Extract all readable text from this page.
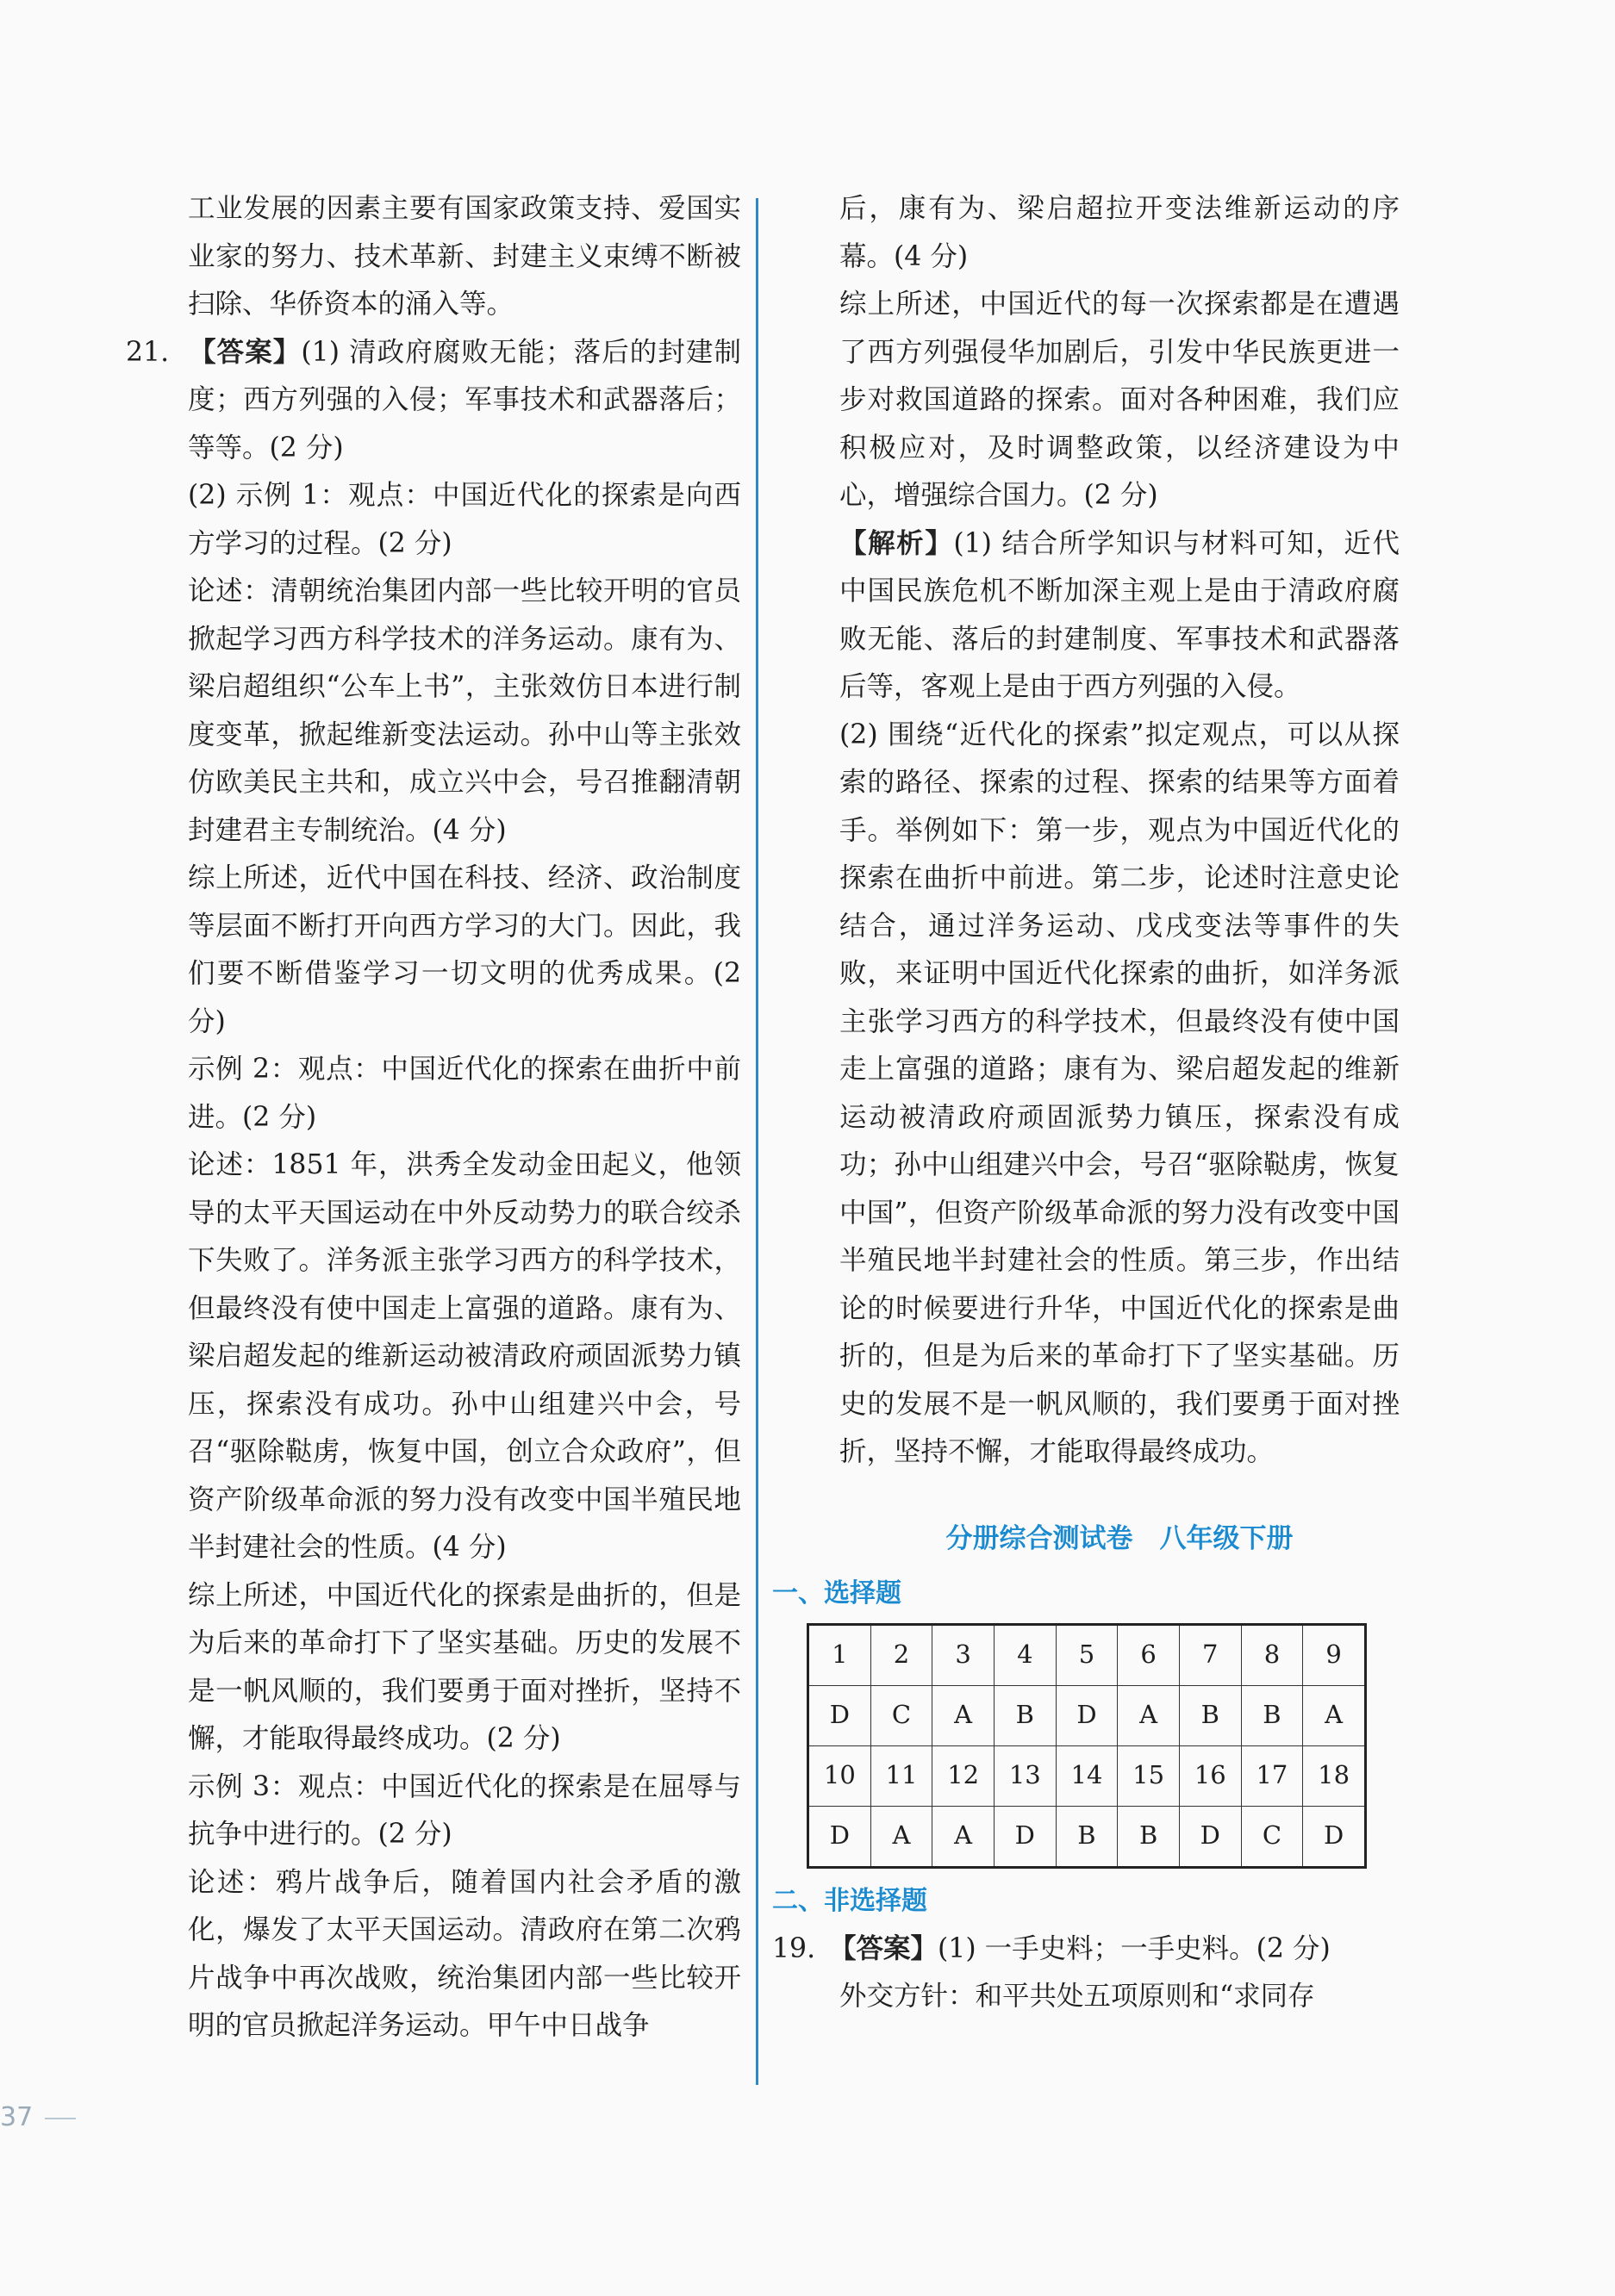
工业发展的因素主要有国家政策支持、爱国实业家的努力、技术革新、封建主义束缚不断被扫除、华侨资本的涌入等。

21. 【答案】(1) 清政府腐败无能；落后的封建制度；西方列强的入侵；军事技术和武器落后；等等。(2 分)

(2) 示例 1：观点：中国近代化的探索是向西方学习的过程。(2 分)

论述：清朝统治集团内部一些比较开明的官员掀起学习西方科学技术的洋务运动。康有为、梁启超组织“公车上书”，主张效仿日本进行制度变革，掀起维新变法运动。孙中山等主张效仿欧美民主共和，成立兴中会，号召推翻清朝封建君主专制统治。(4 分)

综上所述，近代中国在科技、经济、政治制度等层面不断打开向西方学习的大门。因此，我们要不断借鉴学习一切文明的优秀成果。(2 分)

示例 2：观点：中国近代化的探索在曲折中前进。(2 分)

论述：1851 年，洪秀全发动金田起义，他领导的太平天国运动在中外反动势力的联合绞杀下失败了。洋务派主张学习西方的科学技术，但最终没有使中国走上富强的道路。康有为、梁启超发起的维新运动被清政府顽固派势力镇压，探索没有成功。孙中山组建兴中会，号召“驱除鞑虏，恢复中国，创立合众政府”，但资产阶级革命派的努力没有改变中国半殖民地半封建社会的性质。(4 分)

综上所述，中国近代化的探索是曲折的，但是为后来的革命打下了坚实基础。历史的发展不是一帆风顺的，我们要勇于面对挫折，坚持不懈，才能取得最终成功。(2 分)

示例 3：观点：中国近代化的探索是在屈辱与抗争中进行的。(2 分)

论述：鸦片战争后，随着国内社会矛盾的激化，爆发了太平天国运动。清政府在第二次鸦片战争中再次战败，统治集团内部一些比较开明的官员掀起洋务运动。甲午中日战争

后，康有为、梁启超拉开变法维新运动的序幕。(4 分)

综上所述，中国近代的每一次探索都是在遭遇了西方列强侵华加剧后，引发中华民族更进一步对救国道路的探索。面对各种困难，我们应积极应对，及时调整政策，以经济建设为中心，增强综合国力。(2 分)

【解析】(1) 结合所学知识与材料可知，近代中国民族危机不断加深主观上是由于清政府腐败无能、落后的封建制度、军事技术和武器落后等，客观上是由于西方列强的入侵。

(2) 围绕“近代化的探索”拟定观点，可以从探索的路径、探索的过程、探索的结果等方面着手。举例如下：第一步，观点为中国近代化的探索在曲折中前进。第二步，论述时注意史论结合，通过洋务运动、戊戌变法等事件的失败，来证明中国近代化探索的曲折，如洋务派主张学习西方的科学技术，但最终没有使中国走上富强的道路；康有为、梁启超发起的维新运动被清政府顽固派势力镇压，探索没有成功；孙中山组建兴中会，号召“驱除鞑虏，恢复中国”，但资产阶级革命派的努力没有改变中国半殖民地半封建社会的性质。第三步，作出结论的时候要进行升华，中国近代化的探索是曲折的，但是为后来的革命打下了坚实基础。历史的发展不是一帆风顺的，我们要勇于面对挫折，坚持不懈，才能取得最终成功。

分册综合测试卷　八年级下册
一、选择题
1	2	3	4	5	6	7	8	9
D	C	A	B	D	A	B	B	A
10	11	12	13	14	15	16	17	18
D	A	A	D	B	B	D	C	D
二、非选择题

19. 【答案】(1) 一手史料；一手史料。(2 分)

外交方针：和平共处五项原则和“求同存

37
